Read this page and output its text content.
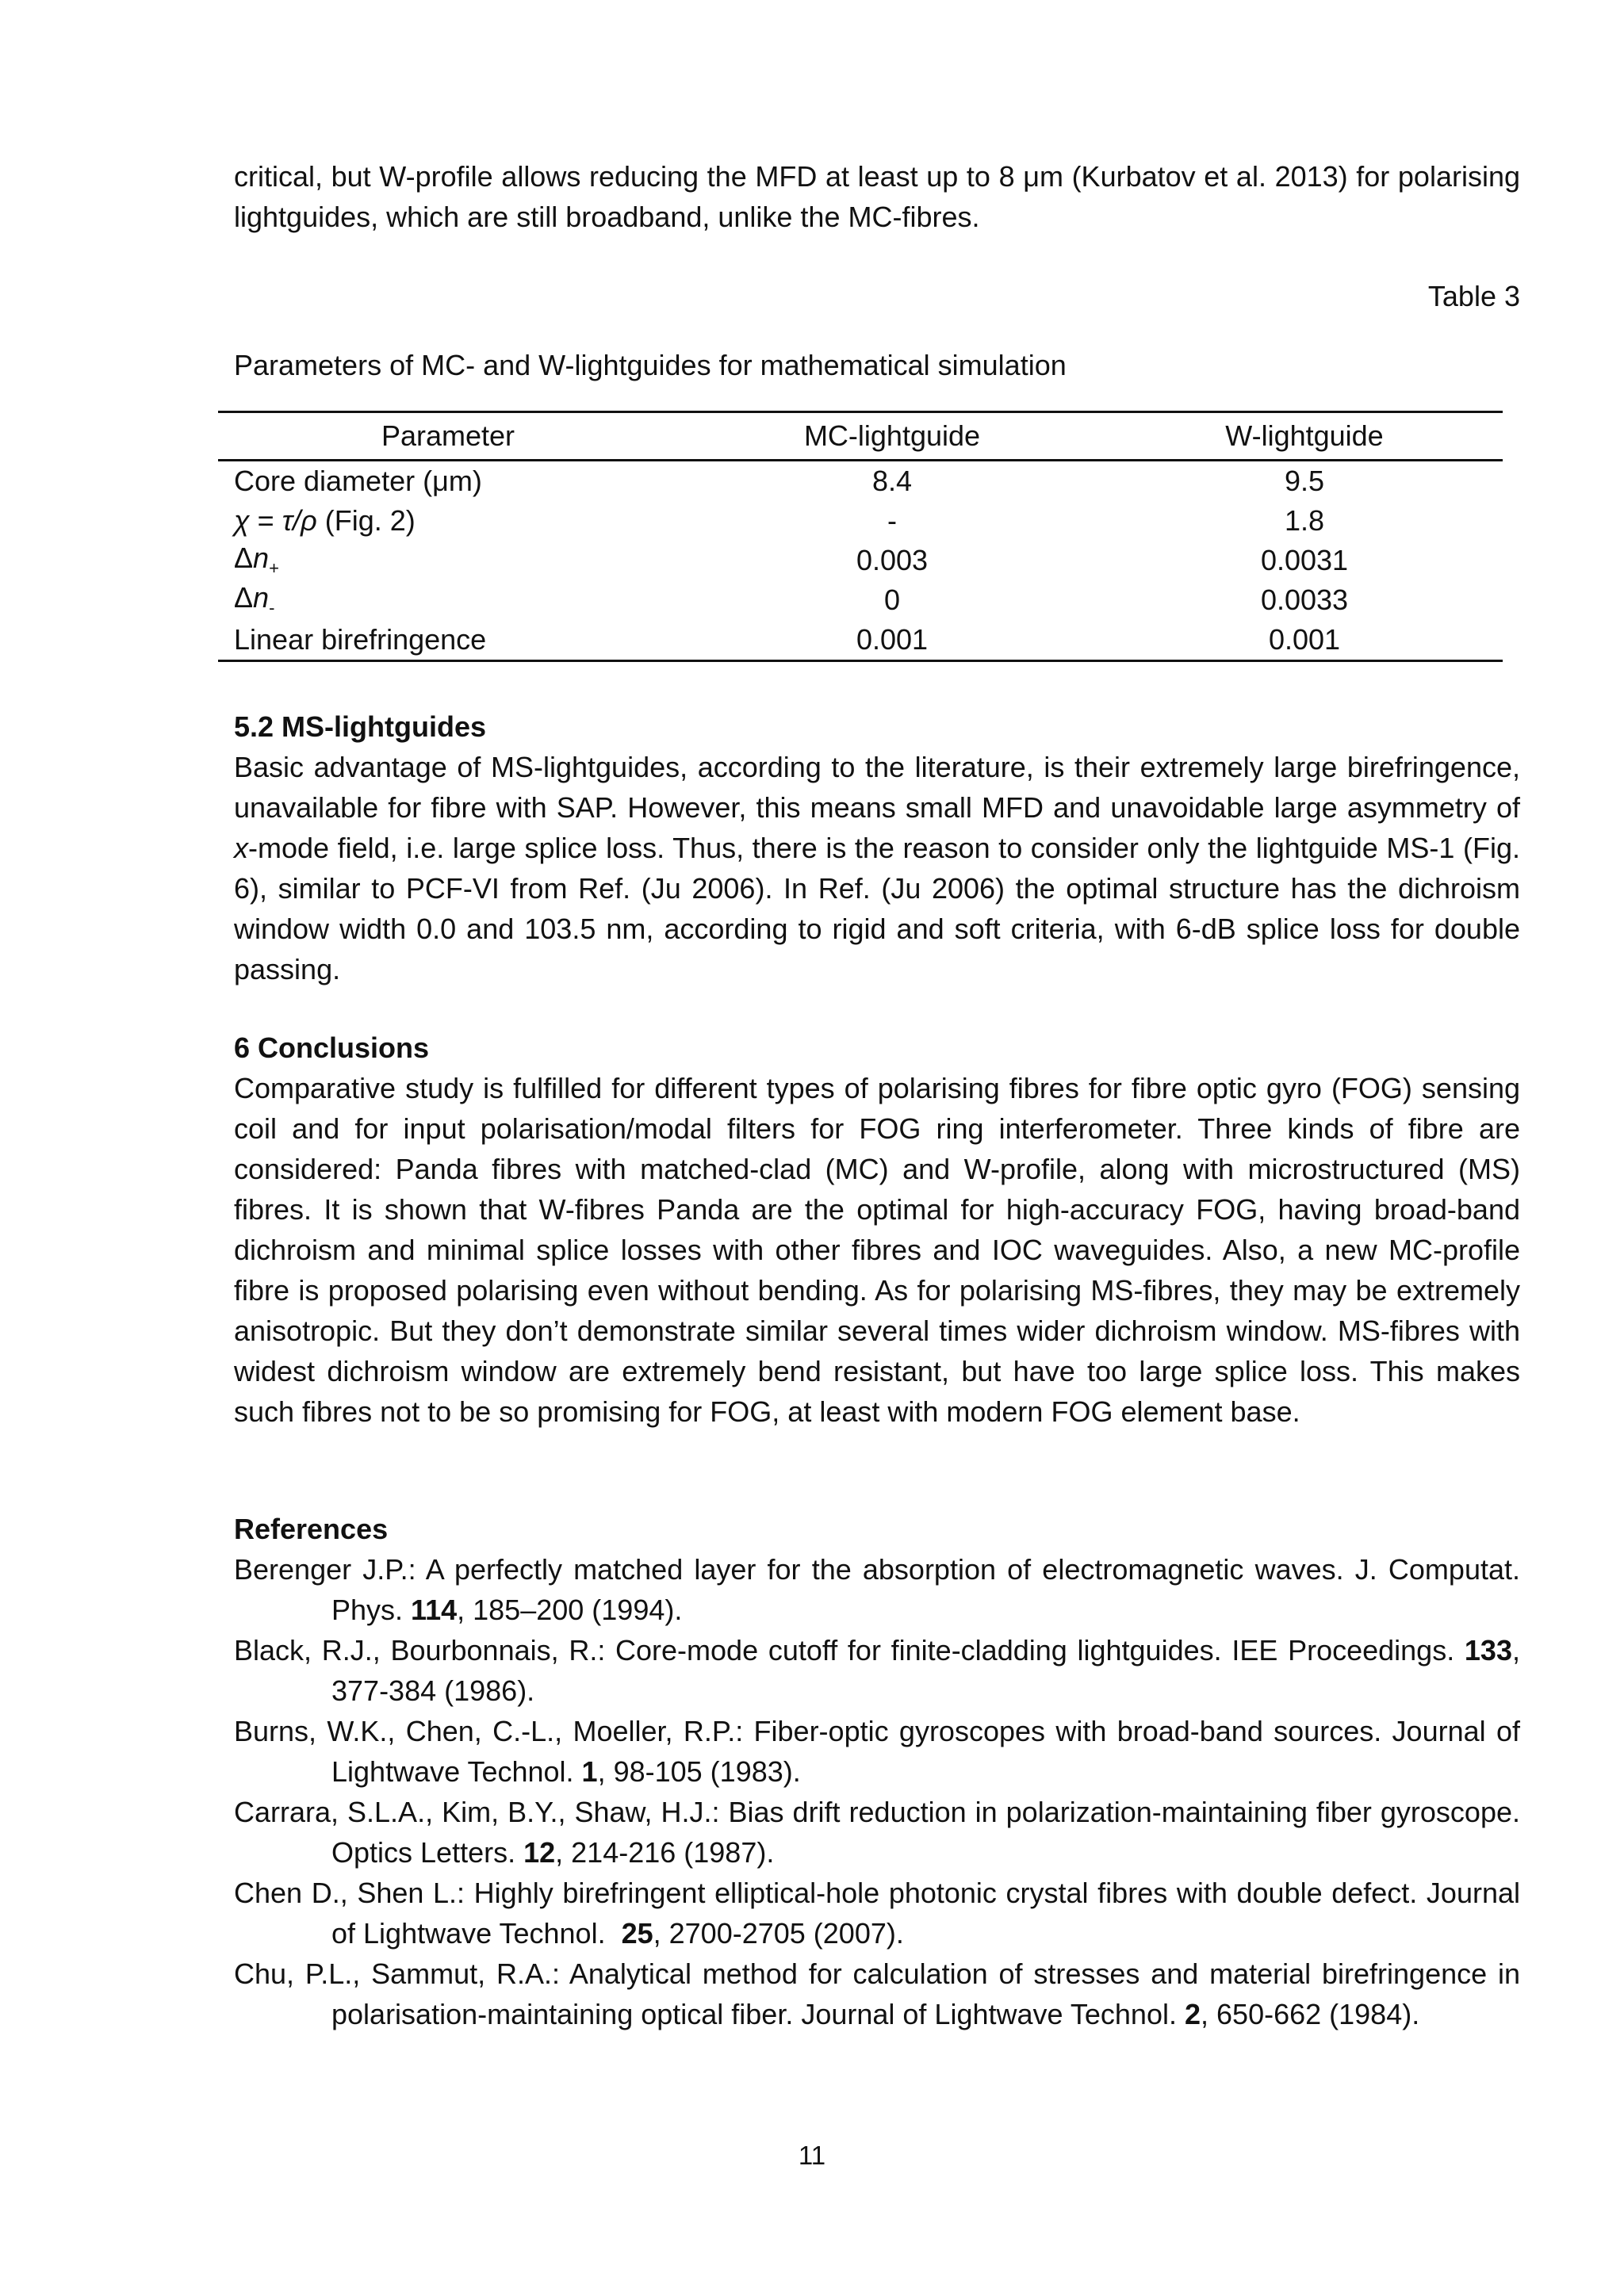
critical, but W-profile allows reducing the MFD at least up to 8 μm (Kurbatov et al. 2013) for polarising lightguides, which are still broadband, unlike the MC-fibres.

Table 3

Parameters of MC- and W-lightguides for mathematical simulation

Parameter	MC-lightguide	W-lightguide
Core diameter (μm)	8.4	9.5
χ = τ/ρ (Fig. 2)	-	1.8
$\Delta n_+$	0.003	0.0031
$\Delta n_-$	0	0.0033
Linear birefringence	0.001	0.001

5.2 MS-lightguides

Basic advantage of MS-lightguides, according to the literature, is their extremely large birefringence, unavailable for fibre with SAP. However, this means small MFD and unavoidable large asymmetry of x-mode field, i.e. large splice loss. Thus, there is the reason to consider only the lightguide MS-1 (Fig. 6), similar to PCF-VI from Ref. (Ju 2006). In Ref. (Ju 2006) the optimal structure has the dichroism window width 0.0 and 103.5 nm, according to rigid and soft criteria, with 6-dB splice loss for double passing.

6 Conclusions

Comparative study is fulfilled for different types of polarising fibres for fibre optic gyro (FOG) sensing coil and for input polarisation/modal filters for FOG ring interferometer. Three kinds of fibre are considered: Panda fibres with matched-clad (MC) and W-profile, along with microstructured (MS) fibres. It is shown that W-fibres Panda are the optimal for high-accuracy FOG, having broad-band dichroism and minimal splice losses with other fibres and IOC waveguides. Also, a new MC-profile fibre is proposed polarising even without bending. As for polarising MS-fibres, they may be extremely anisotropic. But they don’t demonstrate similar several times wider dichroism window. MS-fibres with widest dichroism window are extremely bend resistant, but have too large splice loss. This makes such fibres not to be so promising for FOG, at least with modern FOG element base.

References

Berenger J.P.: A perfectly matched layer for the absorption of electromagnetic waves. J. Computat. Phys. 114, 185–200 (1994).

Black, R.J., Bourbonnais, R.: Core-mode cutoff for finite-cladding lightguides. IEE Proceedings. 133, 377-384 (1986).

Burns, W.K., Chen, C.-L., Moeller, R.P.: Fiber-optic gyroscopes with broad-band sources. Journal of Lightwave Technol. 1, 98-105 (1983).

Carrara, S.L.A., Kim, B.Y., Shaw, H.J.: Bias drift reduction in polarization-maintaining fiber gyroscope. Optics Letters. 12, 214-216 (1987).

Chen D., Shen L.: Highly birefringent elliptical-hole photonic crystal fibres with double defect. Journal of Lightwave Technol.  25, 2700-2705 (2007).

Chu, P.L., Sammut, R.A.: Analytical method for calculation of stresses and material birefringence in polarisation-maintaining optical fiber. Journal of Lightwave Technol. 2, 650-662 (1984).

11
